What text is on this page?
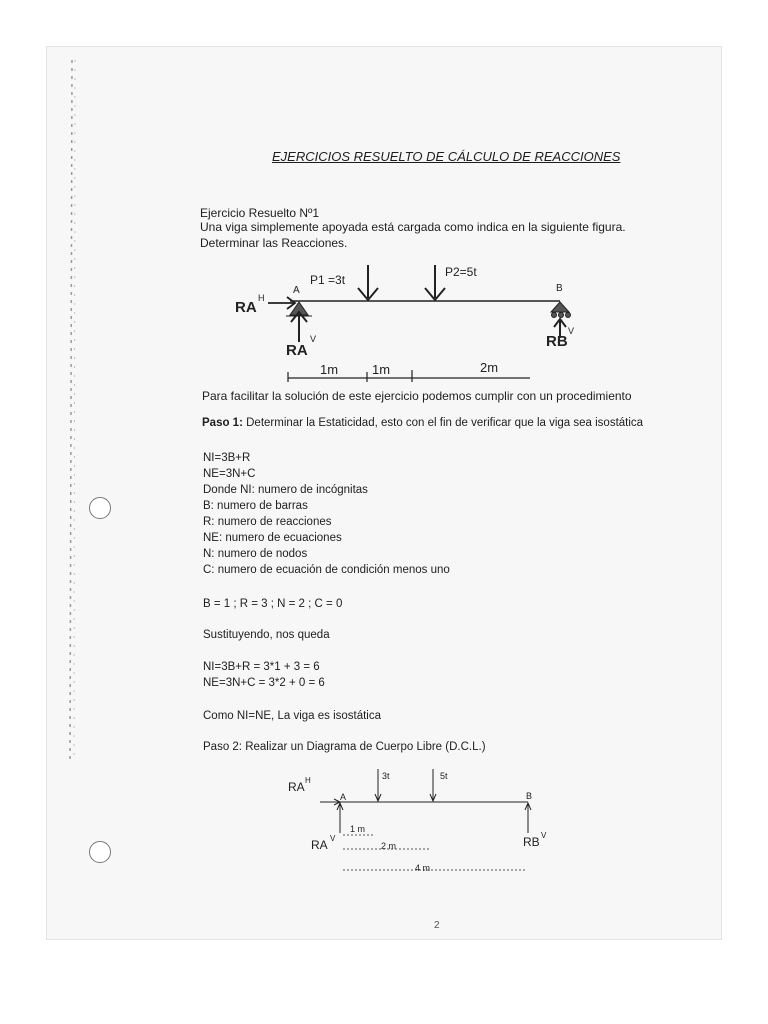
EJERCICIOS RESUELTO DE CÁLCULO DE REACCIONES
Ejercicio Resuelto Nº1
Una viga simplemente apoyada está cargada como indica en la siguiente figura.
Determinar las Reacciones.
P1 =3t
P2=5t
A
RA
H
RA
V
B
RB
V
1m	1m	2m
Para facilitar la solución de este ejercicio podemos cumplir con un procedimiento
Paso 1: Determinar la Estaticidad, esto con el fin de verificar que la viga sea isostática
NI=3B+R
NE=3N+C
Donde NI: numero de incógnitas
B: numero de barras
R: numero de reacciones
NE: numero de ecuaciones
N: numero de nodos
C: numero de ecuación de condición menos uno
B = 1 ; R = 3 ; N = 2 ; C = 0
Sustituyendo, nos queda
NI=3B+R = 3*1 + 3 = 6
NE=3N+C = 3*2 + 0 = 6
Como NI=NE, La viga es isostática
Paso 2: Realizar un Diagrama de Cuerpo Libre (D.C.L.)
RA H
A	B
3t	5t
RA V	RB V
1 m
2 m
4 m
2
